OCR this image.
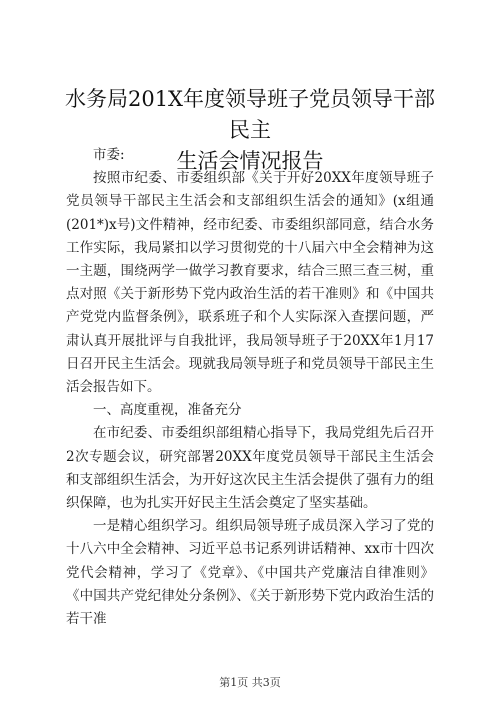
水务局201X年度领导班子党员领导干部民主
生活会情况报告

市委:

按照市纪委、市委组织部《关于开好20XX年度领导班子党员领导干部民主生活会和支部组织生活会的通知》(x组通(201*)x号)文件精神，经市纪委、市委组织部同意，结合水务工作实际，我局紧扣以学习贯彻党的十八届六中全会精神为这一主题，围绕两学一做学习教育要求，结合三照三查三树，重点对照《关于新形势下党内政治生活的若干准则》和《中国共产党党内监督条例》，联系班子和个人实际深入查摆问题，严肃认真开展批评与自我批评，我局领导班子于20XX年1月17日召开民主生活会。现就我局领导班子和党员领导干部民主生活会报告如下。

一、高度重视，准备充分

在市纪委、市委组织部组精心指导下，我局党组先后召开2次专题会议，研究部署20XX年度党员领导干部民主生活会和支部组织生活会，为开好这次民主生活会提供了强有力的组织保障，也为扎实开好民主生活会奠定了坚实基础。

一是精心组织学习。组织局领导班子成员深入学习了党的十八六中全会精神、习近平总书记系列讲话精神、xx市十四次党代会精神，学习了《党章》、《中国共产党廉洁自律准则》《中国共产党纪律处分条例》、《关于新形势下党内政治生活的若干准

第1页 共3页
